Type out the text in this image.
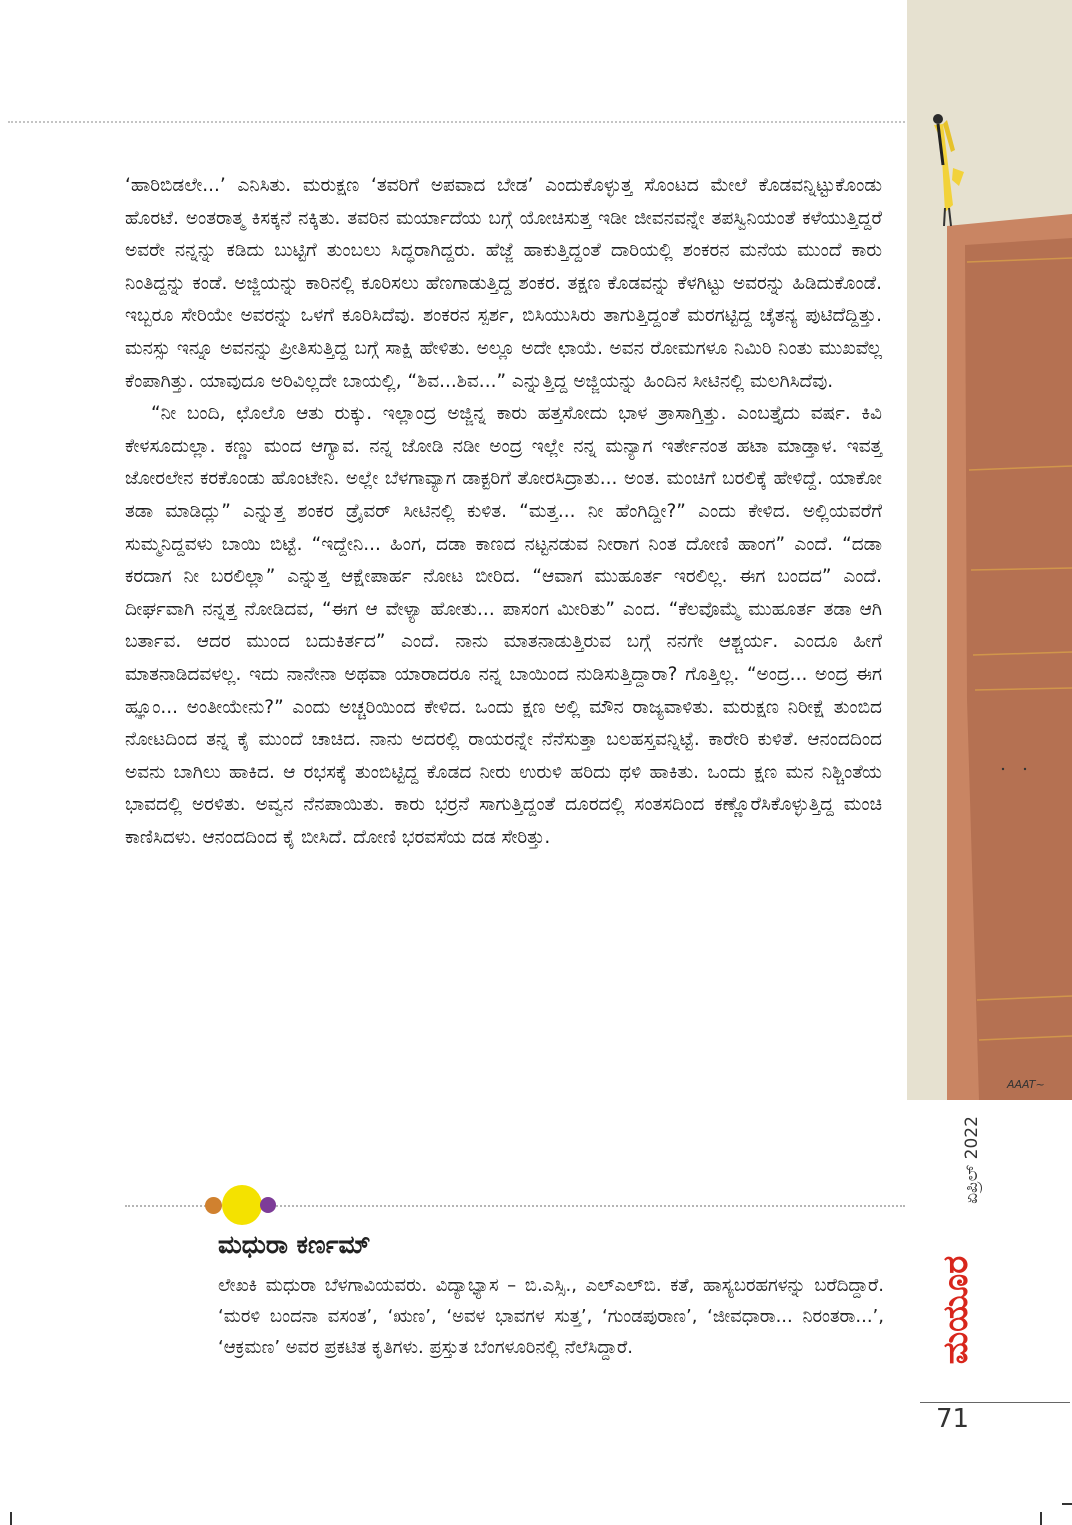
‘ಹಾರಿಬಿಡಲೇ...’ ಎನಿಸಿತು. ಮರುಕ್ಷಣ ‘ತವರಿಗೆ ಅಪವಾದ ಬೇಡ’ ಎಂದುಕೊಳ್ಳುತ್ತ ಸೊಂಟದ ಮೇಲೆ ಕೊಡವನ್ನಿಟ್ಟುಕೊಂಡು ಹೊರಟೆ. ಅಂತರಾತ್ಮ ಕಿಸಕ್ಕನೆ ನಕ್ಕಿತು. ತವರಿನ ಮರ್ಯಾದೆಯ ಬಗ್ಗೆ ಯೋಚಿಸುತ್ತ ಇಡೀ ಜೀವನವನ್ನೇ ತಪಸ್ವಿನಿಯಂತೆ ಕಳೆಯುತ್ತಿದ್ದರೆ ಅವರೇ ನನ್ನನ್ನು ಕಡಿದು ಬುಟ್ಟಿಗೆ ತುಂಬಲು ಸಿದ್ಧರಾಗಿದ್ದರು. ಹೆಜ್ಜೆ ಹಾಕುತ್ತಿದ್ದಂತೆ ದಾರಿಯಲ್ಲಿ ಶಂಕರನ ಮನೆಯ ಮುಂದೆ ಕಾರು ನಿಂತಿದ್ದನ್ನು ಕಂಡೆ. ಅಜ್ಜಿಯನ್ನು ಕಾರಿನಲ್ಲಿ ಕೂರಿಸಲು ಹೆಣಗಾಡುತ್ತಿದ್ದ ಶಂಕರ. ತಕ್ಷಣ ಕೊಡವನ್ನು ಕೆಳಗಿಟ್ಟು ಅವರನ್ನು ಹಿಡಿದುಕೊಂಡೆ. ಇಬ್ಬರೂ ಸೇರಿಯೇ ಅವರನ್ನು ಒಳಗೆ ಕೂರಿಸಿದೆವು. ಶಂಕರನ ಸ್ಪರ್ಶ, ಬಿಸಿಯುಸಿರು ತಾಗುತ್ತಿದ್ದಂತೆ ಮರಗಟ್ಟಿದ್ದ ಚೈತನ್ಯ ಪುಟಿದೆದ್ದಿತ್ತು. ಮನಸ್ಸು ಇನ್ನೂ ಅವನನ್ನು ಪ್ರೀತಿಸುತ್ತಿದ್ದ ಬಗ್ಗೆ ಸಾಕ್ಷಿ ಹೇಳಿತು. ಅಲ್ಲೂ ಅದೇ ಛಾಯೆ. ಅವನ ರೋಮಗಳೂ ನಿಮಿರಿ ನಿಂತು ಮುಖವೆಲ್ಲ ಕೆಂಪಾಗಿತ್ತು. ಯಾವುದೂ ಅರಿವಿಲ್ಲದೇ ಬಾಯಲ್ಲಿ, “ಶಿವ...ಶಿವ...” ಎನ್ನುತ್ತಿದ್ದ ಅಜ್ಜಿಯನ್ನು ಹಿಂದಿನ ಸೀಟಿನಲ್ಲಿ ಮಲಗಿಸಿದೆವು.

“ನೀ ಬಂದಿ, ಛೊಲೊ ಆತು ರುಕ್ಕು. ಇಲ್ಲಾಂದ್ರ ಅಜ್ಜಿನ್ನ ಕಾರು ಹತ್ತಸೋದು ಭಾಳ ತ್ರಾಸಾಗ್ತಿತ್ತು. ಎಂಬತ್ತೈದು ವರ್ಷ. ಕಿವಿ ಕೇಳಸೂದುಲ್ಲಾ. ಕಣ್ಣು ಮಂದ ಆಗ್ಯಾವ. ನನ್ನ ಜೋಡಿ ನಡೀ ಅಂದ್ರ ಇಲ್ಲೇ ನನ್ನ ಮನ್ಯಾಗ ಇರ್ತೇನಂತ ಹಟಾ ಮಾಡ್ತಾಳ. ಇವತ್ತ ಜೋರಲೇನ ಕರಕೊಂಡು ಹೊಂಟೇನಿ. ಅಲ್ಲೇ ಬೆಳಗಾವ್ಯಾಗ ಡಾಕ್ಟರಿಗೆ ತೋರಸಿದ್ರಾತು... ಅಂತ. ಮಂಚಿಗೆ ಬರಲಿಕ್ಕೆ ಹೇಳಿದ್ದೆ. ಯಾಕೋ ತಡಾ ಮಾಡಿದ್ಲು” ಎನ್ನುತ್ತ ಶಂಕರ ಡ್ರೈವರ್ ಸೀಟಿನಲ್ಲಿ ಕುಳಿತ. “ಮತ್ತ... ನೀ ಹೆಂಗಿದ್ದೀ?” ಎಂದು ಕೇಳಿದ. ಅಲ್ಲಿಯವರೆಗೆ ಸುಮ್ಮನಿದ್ದವಳು ಬಾಯಿ ಬಿಟ್ಟೆ. “ಇದ್ದೇನಿ... ಹಿಂಗ, ದಡಾ ಕಾಣದ ನಟ್ಟನಡುವ ನೀರಾಗ ನಿಂತ ದೋಣಿ ಹಾಂಗ” ಎಂದೆ. “ದಡಾ ಕರದಾಗ ನೀ ಬರಲಿಲ್ಲಾ” ಎನ್ನುತ್ತ ಆಕ್ಷೇಪಾರ್ಹ ನೋಟ ಬೀರಿದ. “ಆವಾಗ ಮುಹೂರ್ತ ಇರಲಿಲ್ಲ. ಈಗ ಬಂದದ” ಎಂದೆ. ದೀರ್ಘವಾಗಿ ನನ್ನತ್ತ ನೋಡಿದವ, “ಈಗ ಆ ವೇಳ್ಯಾ ಹೋತು... ಪಾಸಂಗ ಮೀರಿತು” ಎಂದ. “ಕೆಲವೊಮ್ಮೆ ಮುಹೂರ್ತ ತಡಾ ಆಗಿ ಬರ್ತಾವ. ಆದರ ಮುಂದ ಬದುಕಿರ್ತದ” ಎಂದೆ. ನಾನು ಮಾತನಾಡುತ್ತಿರುವ ಬಗ್ಗೆ ನನಗೇ ಆಶ್ಚರ್ಯ. ಎಂದೂ ಹೀಗೆ ಮಾತನಾಡಿದವಳಲ್ಲ. ಇದು ನಾನೇನಾ ಅಥವಾ ಯಾರಾದರೂ ನನ್ನ ಬಾಯಿಂದ ನುಡಿಸುತ್ತಿದ್ದಾರಾ? ಗೊತ್ತಿಲ್ಲ. “ಅಂದ್ರ... ಅಂದ್ರ ಈಗ ಹ್ಞೂಂ... ಅಂತೀಯೇನು?” ಎಂದು ಅಚ್ಚರಿಯಿಂದ ಕೇಳಿದ. ಒಂದು ಕ್ಷಣ ಅಲ್ಲಿ ಮೌನ ರಾಜ್ಯವಾಳಿತು. ಮರುಕ್ಷಣ ನಿರೀಕ್ಷೆ ತುಂಬಿದ ನೋಟದಿಂದ ತನ್ನ ಕೈ ಮುಂದೆ ಚಾಚಿದ. ನಾನು ಅದರಲ್ಲಿ ರಾಯರನ್ನೇ ನೆನೆಸುತ್ತಾ ಬಲಹಸ್ತವನ್ನಿಟ್ಟೆ. ಕಾರೇರಿ ಕುಳಿತೆ. ಆನಂದದಿಂದ ಅವನು ಬಾಗಿಲು ಹಾಕಿದ. ಆ ರಭಸಕ್ಕೆ ತುಂಬಿಟ್ಟಿದ್ದ ಕೊಡದ ನೀರು ಉರುಳಿ ಹರಿದು ಥಳಿ ಹಾಕಿತು. ಒಂದು ಕ್ಷಣ ಮನ ನಿಶ್ಚಿಂತೆಯ ಭಾವದಲ್ಲಿ ಅರಳಿತು. ಅವ್ವನ ನೆನಪಾಯಿತು. ಕಾರು ಭರ್‍ರನೆ ಸಾಗುತ್ತಿದ್ದಂತೆ ದೂರದಲ್ಲಿ ಸಂತಸದಿಂದ ಕಣ್ಣೊರೆಸಿಕೊಳ್ಳುತ್ತಿದ್ದ ಮಂಚಿ ಕಾಣಿಸಿದಳು. ಆನಂದದಿಂದ ಕೈ ಬೀಸಿದೆ. ದೋಣಿ ಭರವಸೆಯ ದಡ ಸೇರಿತ್ತು.

ಮಧುರಾ ಕರ್ಣಮ್
ಲೇಖಕಿ ಮಧುರಾ ಬೆಳಗಾವಿಯವರು. ವಿದ್ಯಾಭ್ಯಾಸ – ಬಿ.ಎಸ್ಸಿ., ಎಲ್‌ಎಲ್‌ಬಿ. ಕತೆ, ಹಾಸ್ಯಬರಹಗಳನ್ನು ಬರೆದಿದ್ದಾರೆ. ‘ಮರಳಿ ಬಂದನಾ ವಸಂತ’, ‘ಋಣ’, ‘ಅವಳ ಭಾವಗಳ ಸುತ್ತ’, ‘ಗುಂಡಪುರಾಣ’, ‘ಜೀವಧಾರಾ... ನಿರಂತರಾ...’, ‘ಆಕ್ರಮಣ’ ಅವರ ಪ್ರಕಟಿತ ಕೃತಿಗಳು. ಪ್ರಸ್ತುತ ಬೆಂಗಳೂರಿನಲ್ಲಿ ನೆಲೆಸಿದ್ದಾರೆ.
AAAT~
ಏಪ್ರಿಲ್ 2022
ಮಯೂರ
71
